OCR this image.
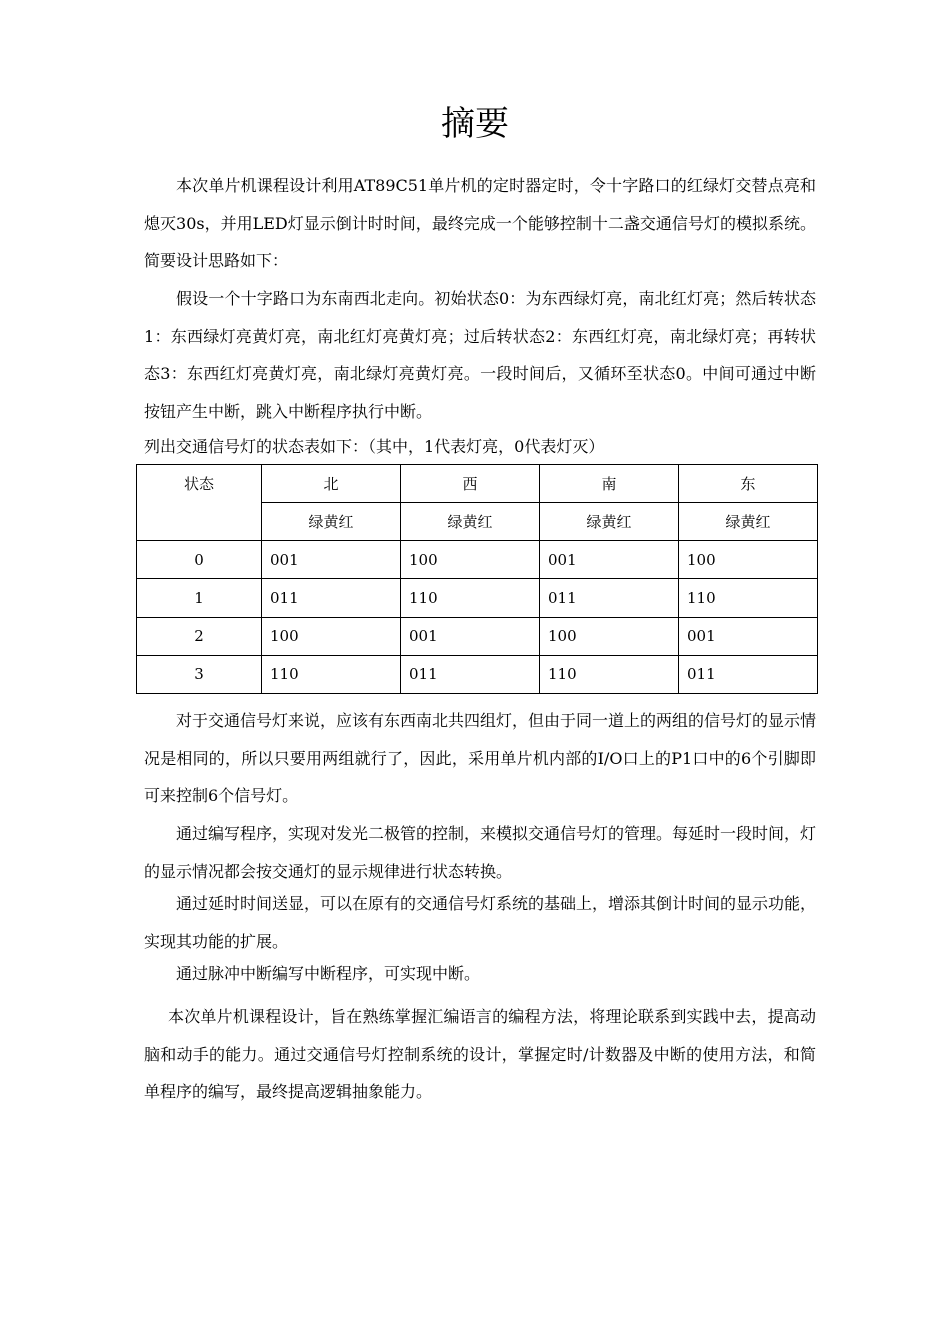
摘要

本次单片机课程设计利用AT89C51单片机的定时器定时，令十字路口的红绿灯交替点亮和熄灭30s，并用LED灯显示倒计时时间，最终完成一个能够控制十二盏交通信号灯的模拟系统。简要设计思路如下：

假设一个十字路口为东南西北走向。初始状态0：为东西绿灯亮，南北红灯亮；然后转状态1：东西绿灯亮黄灯亮，南北红灯亮黄灯亮；过后转状态2：东西红灯亮，南北绿灯亮；再转状态3：东西红灯亮黄灯亮，南北绿灯亮黄灯亮。一段时间后，又循环至状态0。中间可通过中断按钮产生中断，跳入中断程序执行中断。

列出交通信号灯的状态表如下：（其中，1代表灯亮，0代表灯灭）

状态	北	西	南	东
	绿黄红	绿黄红	绿黄红	绿黄红
0	001	100	001	100
1	011	110	011	110
2	100	001	100	001
3	110	011	110	011

对于交通信号灯来说，应该有东西南北共四组灯，但由于同一道上的两组的信号灯的显示情况是相同的，所以只要用两组就行了，因此，采用单片机内部的I/O口上的P1口中的6个引脚即可来控制6个信号灯。

通过编写程序，实现对发光二极管的控制，来模拟交通信号灯的管理。每延时一段时间，灯的显示情况都会按交通灯的显示规律进行状态转换。

通过延时时间送显，可以在原有的交通信号灯系统的基础上，增添其倒计时间的显示功能，实现其功能的扩展。

通过脉冲中断编写中断程序，可实现中断。

本次单片机课程设计，旨在熟练掌握汇编语言的编程方法，将理论联系到实践中去，提高动脑和动手的能力。通过交通信号灯控制系统的设计，掌握定时/计数器及中断的使用方法，和简单程序的编写，最终提高逻辑抽象能力。
